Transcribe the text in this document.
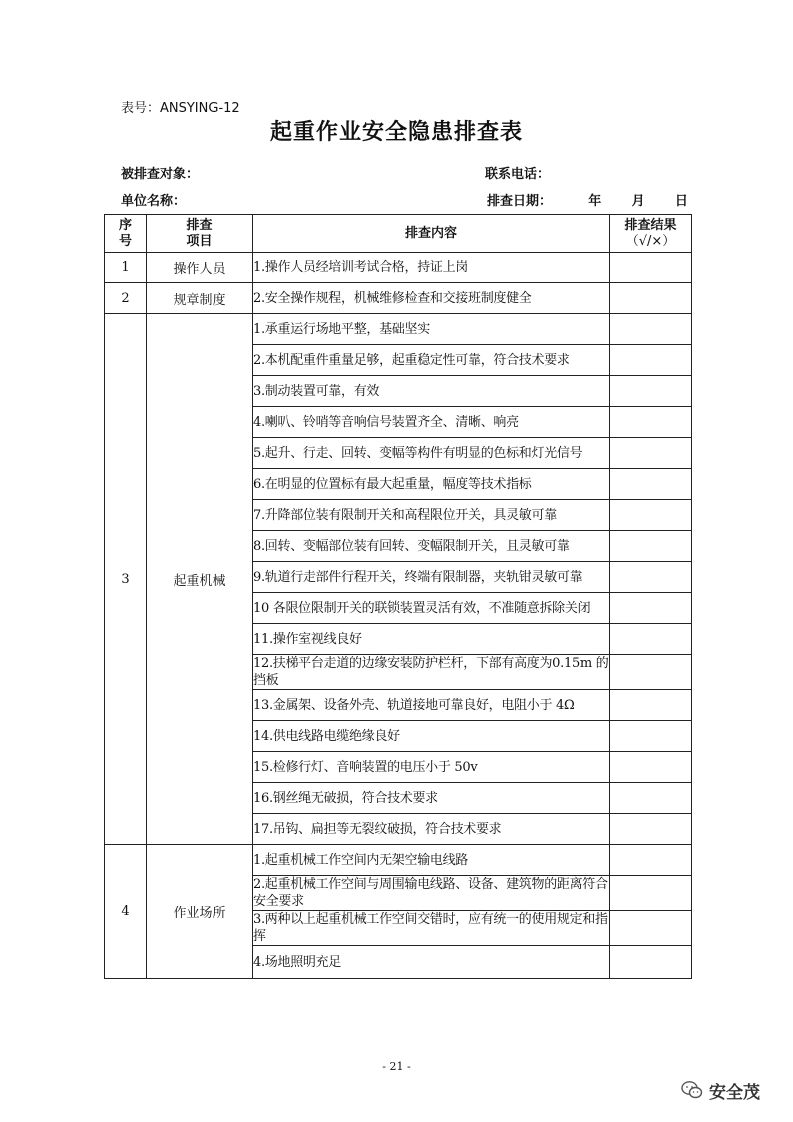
表号：ANSYING-12
起重作业安全隐患排查表
被排查对象：	联系电话：
单位名称：	排查日期：	年 月 日
序号	排查项目	排查内容	排查结果
（√/×）

1	操作人员	1.操作人员经培训考试合格，持证上岗	
2	规章制度	2.安全操作规程，机械维修检查和交接班制度健全	
3	起重机械	1.承重运行场地平整，基础坚实	
		2.本机配重件重量足够，起重稳定性可靠，符合技术要求	
		3.制动装置可靠，有效	
		4.喇叭、铃哨等音响信号装置齐全、清晰、响亮	
		5.起升、行走、回转、变幅等构件有明显的色标和灯光信号	
		6.在明显的位置标有最大起重量，幅度等技术指标	
		7.升降部位装有限制开关和高程限位开关，具灵敏可靠	
		8.回转、变幅部位装有回转、变幅限制开关，且灵敏可靠	
		9.轨道行走部件行程开关，终端有限制器，夹轨钳灵敏可靠	
		10 各限位限制开关的联锁装置灵活有效，不准随意拆除关闭	
		11.操作室视线良好	
		12.扶梯平台走道的边缘安装防护栏杆，下部有高度为0.15m 的挡板	
		13.金属架、设备外壳、轨道接地可靠良好，电阻小于 4Ω	
		14.供电线路电缆绝缘良好	
		15.检修行灯、音响装置的电压小于 50v	
		16.钢丝绳无破损，符合技术要求	
		17.吊钩、扁担等无裂纹破损，符合技术要求	
4	作业场所	1.起重机械工作空间内无架空输电线路	
		2.起重机械工作空间与周围输电线路、设备、建筑物的距离符合安全要求	
		3.两种以上起重机械工作空间交错时，应有统一的使用规定和指挥	
		4.场地照明充足	
- 21 -
安全茂
